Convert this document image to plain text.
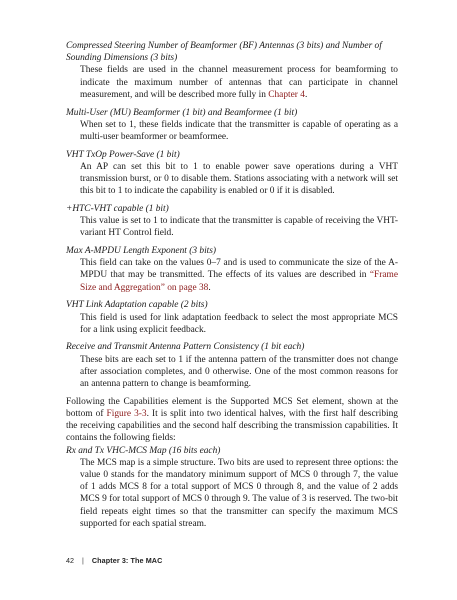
Compressed Steering Number of Beamformer (BF) Antennas (3 bits) and Number of Sounding Dimensions (3 bits)

These fields are used in the channel measurement process for beamforming to indicate the maximum number of antennas that can participate in channel measurement, and will be described more fully in Chapter 4.

Multi-User (MU) Beamformer (1 bit) and Beamformee (1 bit)

When set to 1, these fields indicate that the transmitter is capable of operating as a multi-user beamformer or beamformee.

VHT TxOp Power-Save (1 bit)

An AP can set this bit to 1 to enable power save operations during a VHT transmission burst, or 0 to disable them. Stations associating with a network will set this bit to 1 to indicate the capability is enabled or 0 if it is disabled.

+HTC-VHT capable (1 bit)

This value is set to 1 to indicate that the transmitter is capable of receiving the VHT-variant HT Control field.

Max A-MPDU Length Exponent (3 bits)

This field can take on the values 0–7 and is used to communicate the size of the A-MPDU that may be transmitted. The effects of its values are described in “Frame Size and Aggregation” on page 38.

VHT Link Adaptation capable (2 bits)

This field is used for link adaptation feedback to select the most appropriate MCS for a link using explicit feedback.

Receive and Transmit Antenna Pattern Consistency (1 bit each)

These bits are each set to 1 if the antenna pattern of the transmitter does not change after association completes, and 0 otherwise. One of the most common reasons for an antenna pattern to change is beamforming.

Following the Capabilities element is the Supported MCS Set element, shown at the bottom of Figure 3-3. It is split into two identical halves, with the first half describing the receiving capabilities and the second half describing the transmission capabilities. It contains the following fields:

Rx and Tx VHC-MCS Map (16 bits each)

The MCS map is a simple structure. Two bits are used to represent three options: the value 0 stands for the mandatory minimum support of MCS 0 through 7, the value of 1 adds MCS 8 for a total support of MCS 0 through 8, and the value of 2 adds MCS 9 for total support of MCS 0 through 9. The value of 3 is reserved. The two-bit field repeats eight times so that the transmitter can specify the maximum MCS supported for each spatial stream.

42 | Chapter 3: The MAC
